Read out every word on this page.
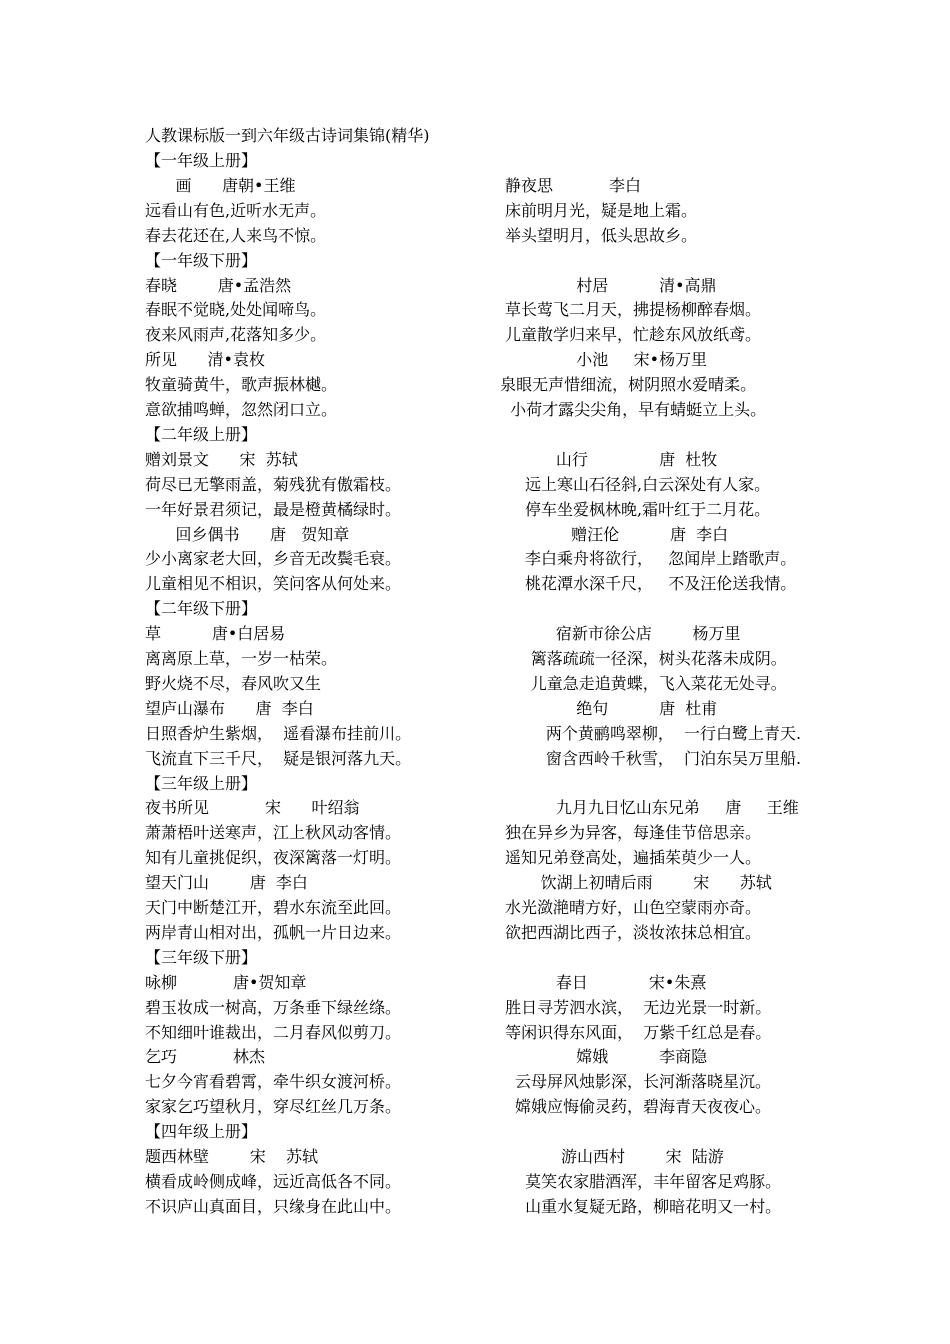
人教课标版一到六年级古诗词集锦(精华)
【一年级上册】
画      唐朝•王维	静夜思           李白
远看山有色,近听水无声。	床前明月光，疑是地上霜。
春去花还在,人来鸟不惊。	举头望明月，低头思故乡。
【一年级下册】
春晓        唐•孟浩然	村居          清•高鼎
春眠不觉晓,处处闻啼鸟。	草长莺飞二月天，拂提杨柳醉春烟。
夜来风雨声,花落知多少。	儿童散学归来早，忙趁东风放纸鸢。
所见      清•袁枚	小池     宋•杨万里
牧童骑黄牛，歌声振林樾。	泉眼无声惜细流，树阴照水爱晴柔。
意欲捕鸣蝉，忽然闭口立。	小荷才露尖尖角，早有蜻蜓立上头。
【二年级上册】
赠刘景文      宋  苏轼	山行              唐  杜牧
荷尽已无擎雨盖，菊残犹有傲霜枝。	远上寒山石径斜,白云深处有人家。
一年好景君须记，最是橙黄橘绿时。	停车坐爱枫林晚,霜叶红于二月花。
回乡偶书      唐   贺知章	赠汪伦          唐  李白
少小离家老大回，乡音无改鬓毛衰。	李白乘舟将欲行，   忽闻岸上踏歌声。
儿童相见不相识，笑问客从何处来。	桃花潭水深千尺，   不及汪伦送我情。
【二年级下册】
草          唐•白居易	宿新市徐公店        杨万里
离离原上草，一岁一枯荣。	篱落疏疏一径深，树头花落未成阴。
野火烧不尽，春风吹又生	儿童急走追黄蝶，飞入菜花无处寻。
望庐山瀑布      唐  李白	绝句          唐  杜甫
日照香炉生紫烟，  遥看瀑布挂前川。	两个黄鹂鸣翠柳，  一行白鹭上青天.
飞流直下三千尺，  疑是银河落九天。	窗含西岭千秋雪，  门泊东吴万里船.
【三年级上册】
夜书所见           宋      叶绍翁	九月九日忆山东兄弟     唐     王维
萧萧梧叶送寒声，江上秋风动客情。	独在异乡为异客，每逢佳节倍思亲。
知有儿童挑促织，夜深篱落一灯明。	遥知兄弟登高处，遍插茱萸少一人。
望天门山        唐  李白	饮湖上初晴后雨        宋      苏轼
天门中断楚江开，碧水东流至此回。	水光潋滟晴方好，山色空蒙雨亦奇。
两岸青山相对出，孤帆一片日边来。	欲把西湖比西子，淡妆浓抹总相宜。
【三年级下册】
咏柳           唐•贺知章	春日            宋•朱熹
碧玉妆成一树高，万条垂下绿丝绦。	胜日寻芳泗水滨，  无边光景一时新。
不知细叶谁裁出，二月春风似剪刀。	等闲识得东风面，  万紫千红总是春。
乞巧           林杰	嫦娥          李商隐
七夕今宵看碧霄，牵牛织女渡河桥。	云母屏风烛影深，长河渐落晓星沉。
家家乞巧望秋月，穿尽红丝几万条。	嫦娥应悔偷灵药，碧海青天夜夜心。
【四年级上册】
题西林壁        宋    苏轼	游山西村        宋  陆游
横看成岭侧成峰，远近高低各不同。	莫笑农家腊酒浑，丰年留客足鸡豚。
不识庐山真面目，只缘身在此山中。	山重水复疑无路，柳暗花明又一村。
